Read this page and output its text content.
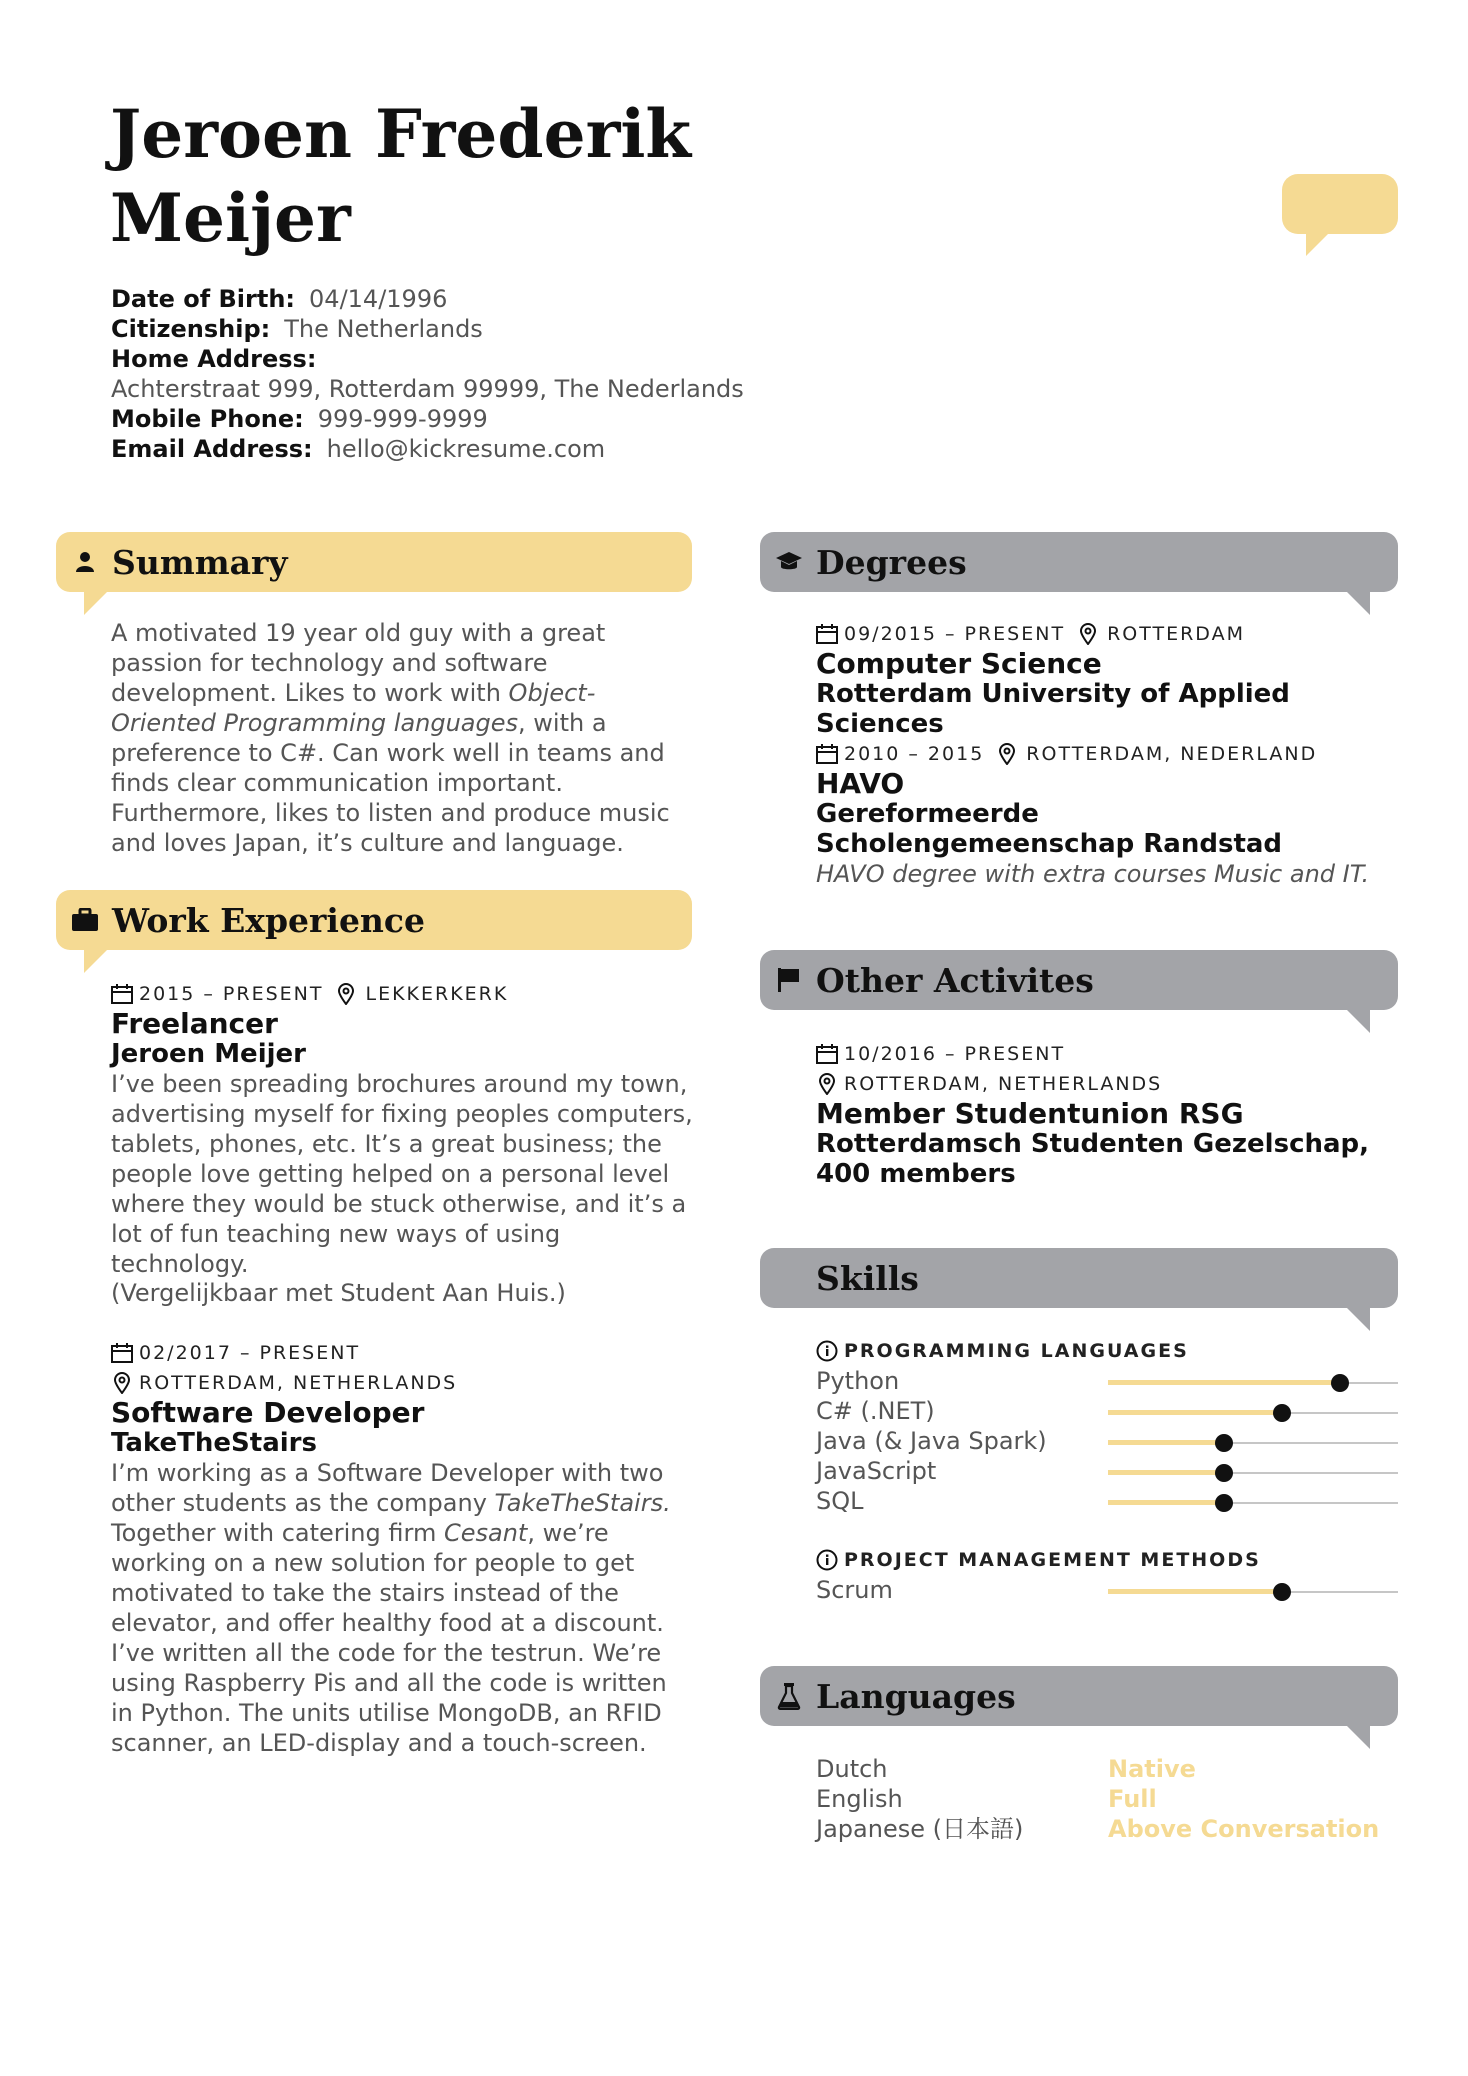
Jeroen Frederik Meijer
Date of Birth: 04/14/1996
Citizenship: The Netherlands
Home Address:
Achterstraat 999, Rotterdam 99999, The Nederlands
Mobile Phone: 999-999-9999
Email Address: hello@kickresume.com
Summary
A motivated 19 year old guy with a great passion for technology and software development. Likes to work with Object-Oriented Programming languages, with a preference to C#. Can work well in teams and finds clear communication important. Furthermore, likes to listen and produce music and loves Japan, it’s culture and language.
Work Experience
2015 – PRESENT LEKKERKERK
Freelancer
Jeroen Meijer
I’ve been spreading brochures around my town, advertising myself for fixing peoples computers, tablets, phones, etc. It’s a great business; the people love getting helped on a personal level where they would be stuck otherwise, and it’s a lot of fun teaching new ways of using technology.
(Vergelijkbaar met Student Aan Huis.)
02/2017 – PRESENT
ROTTERDAM, NETHERLANDS
Software Developer
TakeTheStairs
I’m working as a Software Developer with two other students as the company TakeTheStairs. Together with catering firm Cesant, we’re working on a new solution for people to get motivated to take the stairs instead of the elevator, and offer healthy food at a discount. I’ve written all the code for the testrun. We’re using Raspberry Pis and all the code is written in Python. The units utilise MongoDB, an RFID scanner, an LED-display and a touch-screen.
Degrees
09/2015 – PRESENT ROTTERDAM
Computer Science
Rotterdam University of Applied Sciences
2010 – 2015 ROTTERDAM, NEDERLAND
HAVO
Gereformeerde Scholengemeenschap Randstad
HAVO degree with extra courses Music and IT.
Other Activites
10/2016 – PRESENT
ROTTERDAM, NETHERLANDS
Member Studentunion RSG
Rotterdamsch Studenten Gezelschap, 400 members
Skills
PROGRAMMING LANGUAGES
Python
C# (.NET)
Java (& Java Spark)
JavaScript
SQL
PROJECT MANAGEMENT METHODS
Scrum
Languages
Dutch	Native
English	Full
Japanese (日本語)	Above Conversation
